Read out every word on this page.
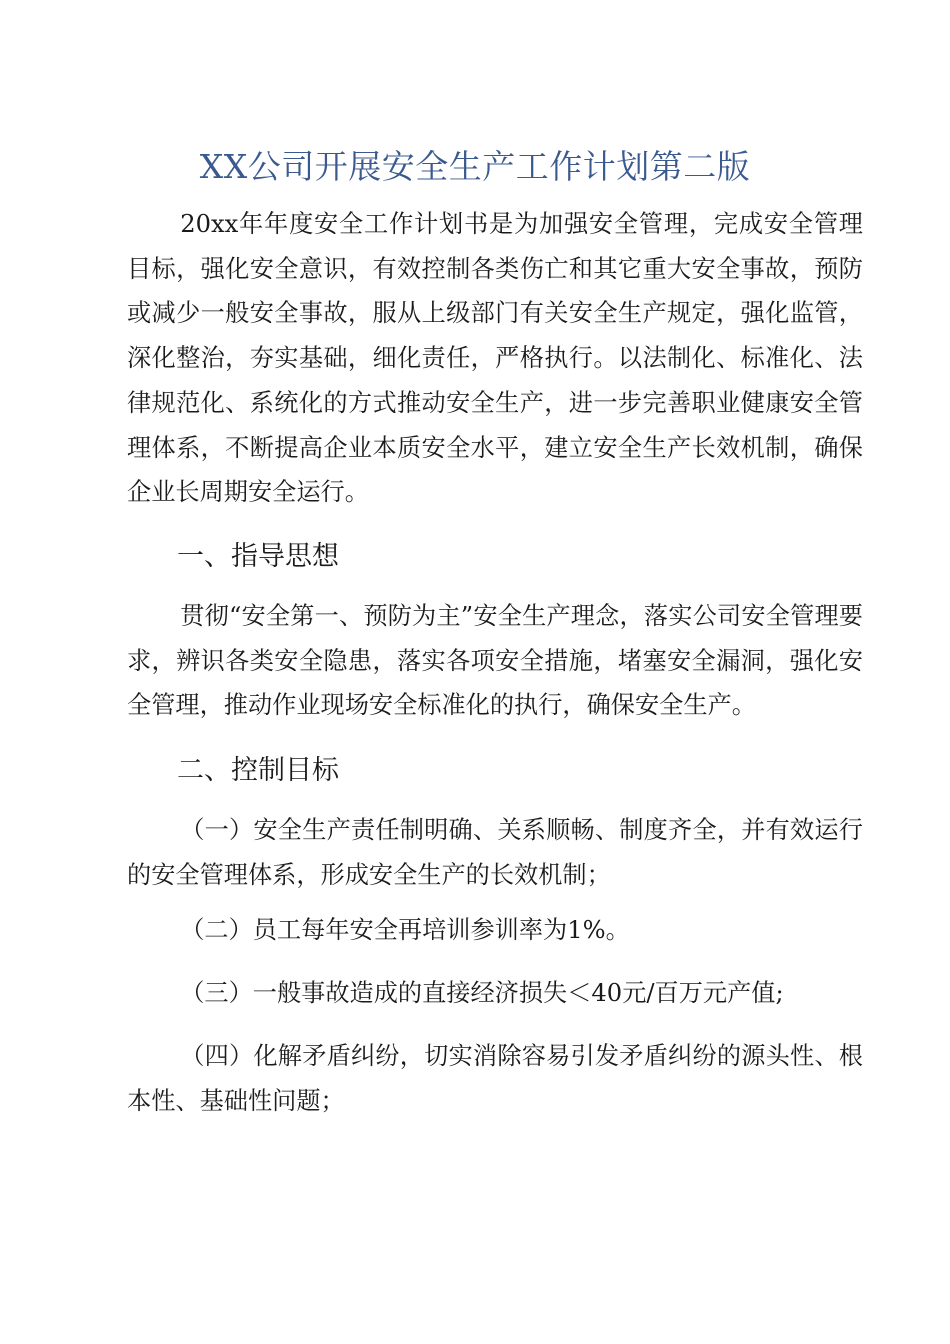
XX公司开展安全生产工作计划第二版

20xx年年度安全工作计划书是为加强安全管理，完成安全管理目标，强化安全意识，有效控制各类伤亡和其它重大安全事故，预防或减少一般安全事故，服从上级部门有关安全生产规定，强化监管，深化整治，夯实基础，细化责任，严格执行。以法制化、标准化、法律规范化、系统化的方式推动安全生产，进一步完善职业健康安全管理体系，不断提高企业本质安全水平，建立安全生产长效机制，确保企业长周期安全运行。

一、指导思想

贯彻“安全第一、预防为主”安全生产理念，落实公司安全管理要求，辨识各类安全隐患，落实各项安全措施，堵塞安全漏洞，强化安全管理，推动作业现场安全标准化的执行，确保安全生产。

二、控制目标

（一）安全生产责任制明确、关系顺畅、制度齐全，并有效运行的安全管理体系，形成安全生产的长效机制；

（二）员工每年安全再培训参训率为1%。

（三）一般事故造成的直接经济损失＜40元/百万元产值;

（四）化解矛盾纠纷，切实消除容易引发矛盾纠纷的源头性、根本性、基础性问题；
